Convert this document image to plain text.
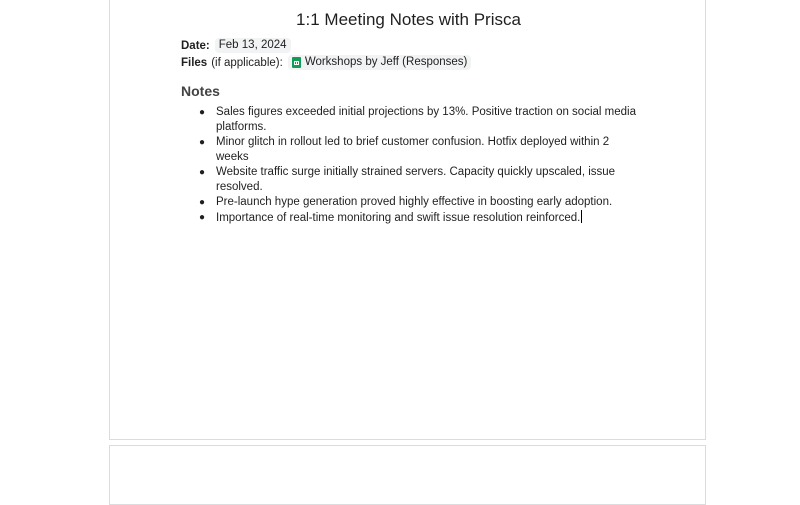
1:1 Meeting Notes with Prisca
Date: Feb 13, 2024
Files (if applicable): Workshops by Jeff (Responses)
Notes
● Sales figures exceeded initial projections by 13%. Positive traction on social media platforms.
● Minor glitch in rollout led to brief customer confusion. Hotfix deployed within 2 weeks
● Website traffic surge initially strained servers. Capacity quickly upscaled, issue resolved.
● Pre-launch hype generation proved highly effective in boosting early adoption.
● Importance of real-time monitoring and swift issue resolution reinforced.
